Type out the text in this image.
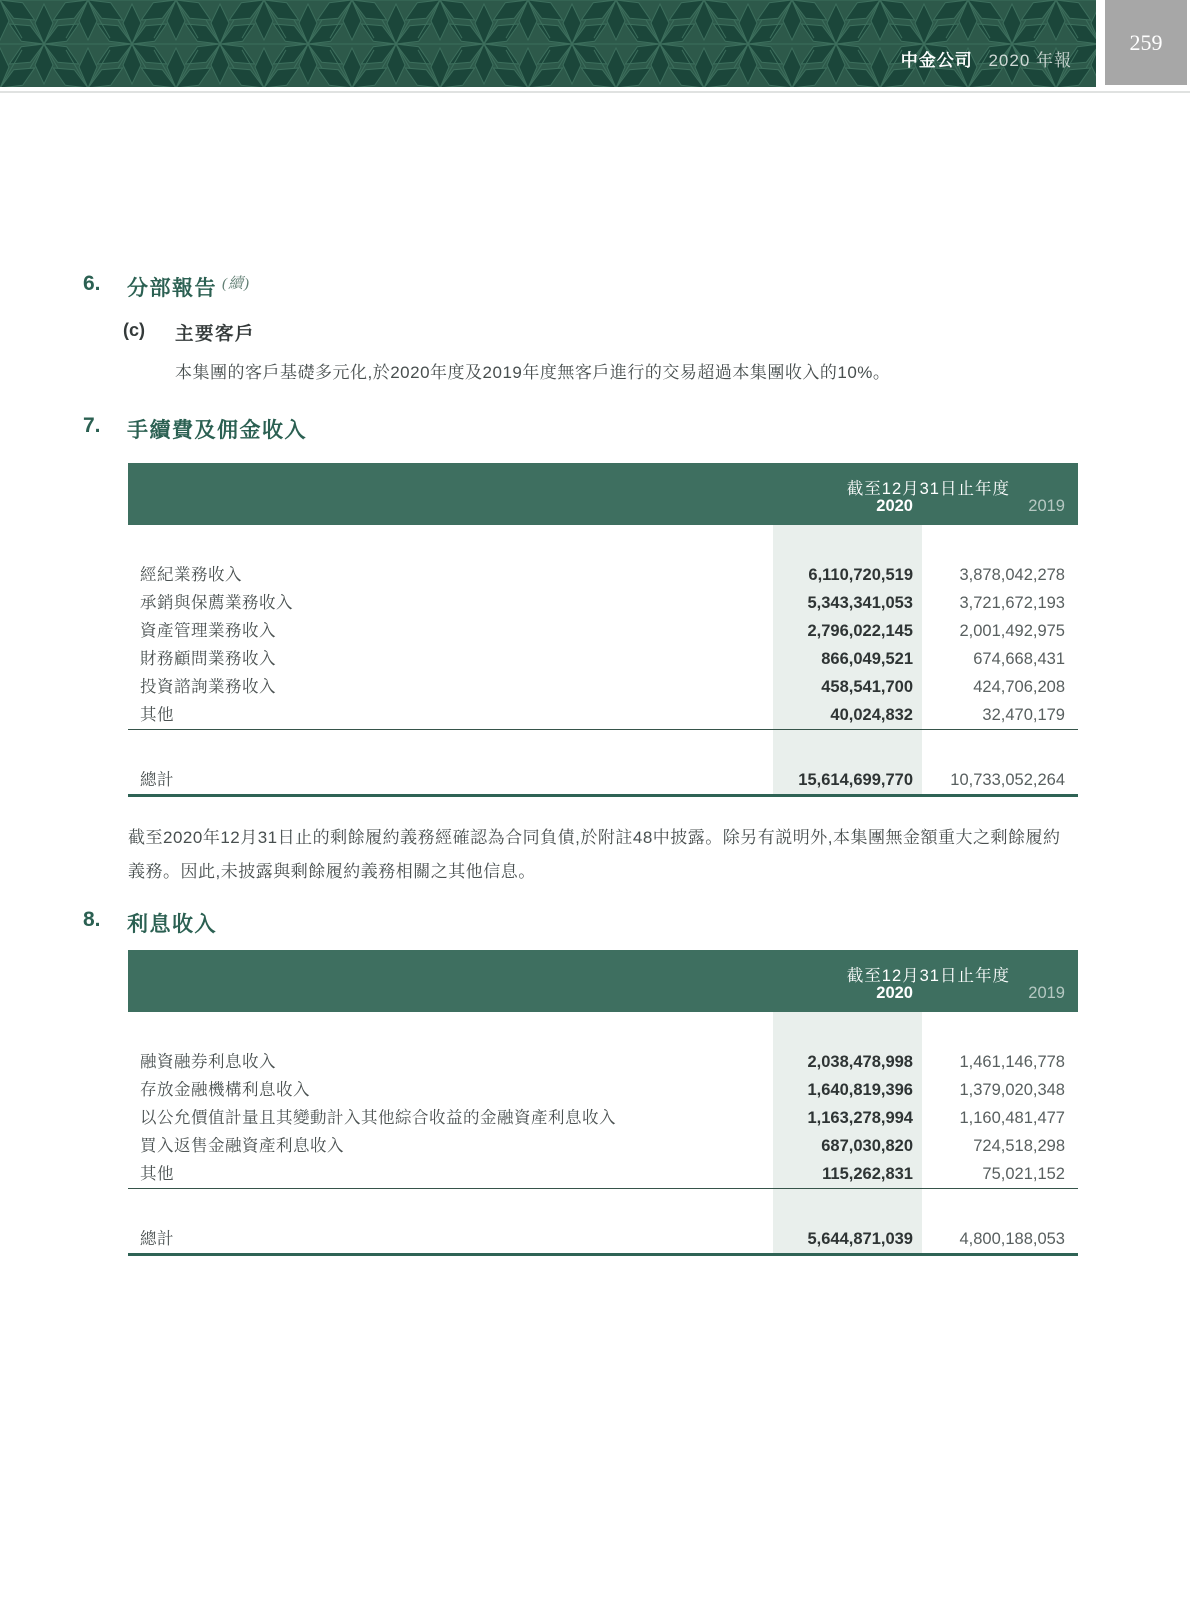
中金公司 2020 年報
259
6.	分部報告 (續)
(c)	主要客戶
本集團的客戶基礎多元化,於2020年度及2019年度無客戶進行的交易超過本集團收入的10%。
7.	手續費及佣金收入
截至12月31日止年度
2020	2019
經紀業務收入	6,110,720,519	3,878,042,278
承銷與保薦業務收入	5,343,341,053	3,721,672,193
資產管理業務收入	2,796,022,145	2,001,492,975
財務顧問業務收入	866,049,521	674,668,431
投資諮詢業務收入	458,541,700	424,706,208
其他	40,024,832	32,470,179
總計	15,614,699,770 10,733,052,264
截至2020年12月31日止的剩餘履約義務經確認為合同負債,於附註48中披露。除另有説明外,本集團無金額重大之剩餘履約義務。因此,未披露與剩餘履約義務相關之其他信息。
8.	利息收入
截至12月31日止年度
2020	2019
融資融券利息收入	2,038,478,998	1,461,146,778
存放金融機構利息收入	1,640,819,396	1,379,020,348
以公允價值計量且其變動計入其他綜合收益的金融資產利息收入	1,163,278,994	1,160,481,477
買入返售金融資產利息收入	687,030,820	724,518,298
其他	115,262,831	75,021,152
總計	5,644,871,039	4,800,188,053
